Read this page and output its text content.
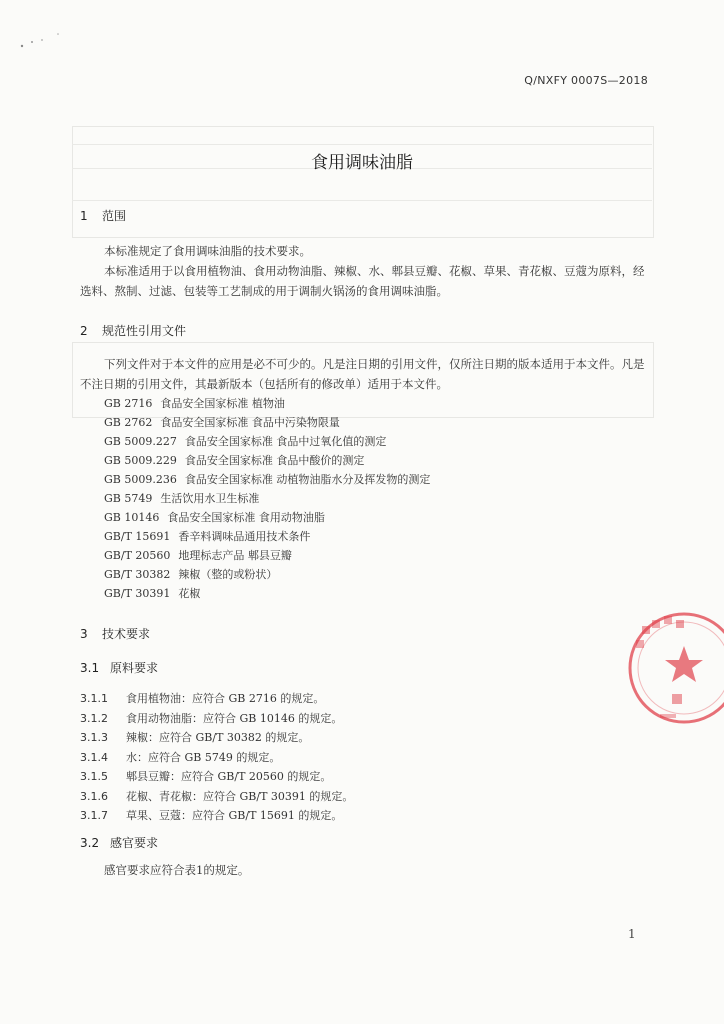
Q/NXFY 0007S—2018
食用调味油脂
1 范围
本标准规定了食用调味油脂的技术要求。
本标准适用于以食用植物油、食用动物油脂、辣椒、水、郫县豆瓣、花椒、草果、青花椒、豆蔻为原料，经选料、熬制、过滤、包装等工艺制成的用于调制火锅汤的食用调味油脂。
2 规范性引用文件
下列文件对于本文件的应用是必不可少的。凡是注日期的引用文件，仅所注日期的版本适用于本文件。凡是不注日期的引用文件，其最新版本（包括所有的修改单）适用于本文件。
GB 2716 食品安全国家标准 植物油
GB 2762 食品安全国家标准 食品中污染物限量
GB 5009.227 食品安全国家标准 食品中过氧化值的测定
GB 5009.229 食品安全国家标准 食品中酸价的测定
GB 5009.236 食品安全国家标准 动植物油脂水分及挥发物的测定
GB 5749 生活饮用水卫生标准
GB 10146 食品安全国家标准 食用动物油脂
GB/T 15691 香辛料调味品通用技术条件
GB/T 20560 地理标志产品 郫县豆瓣
GB/T 30382 辣椒（整的或粉状）
GB/T 30391 花椒
3 技术要求
3.1 原料要求
3.1.1 食用植物油：应符合 GB 2716 的规定。
3.1.2 食用动物油脂：应符合 GB 10146 的规定。
3.1.3 辣椒：应符合 GB/T 30382 的规定。
3.1.4 水：应符合 GB 5749 的规定。
3.1.5 郫县豆瓣：应符合 GB/T 20560 的规定。
3.1.6 花椒、青花椒：应符合 GB/T 30391 的规定。
3.1.7 草果、豆蔻：应符合 GB/T 15691 的规定。
3.2 感官要求
感官要求应符合表1的规定。
1
